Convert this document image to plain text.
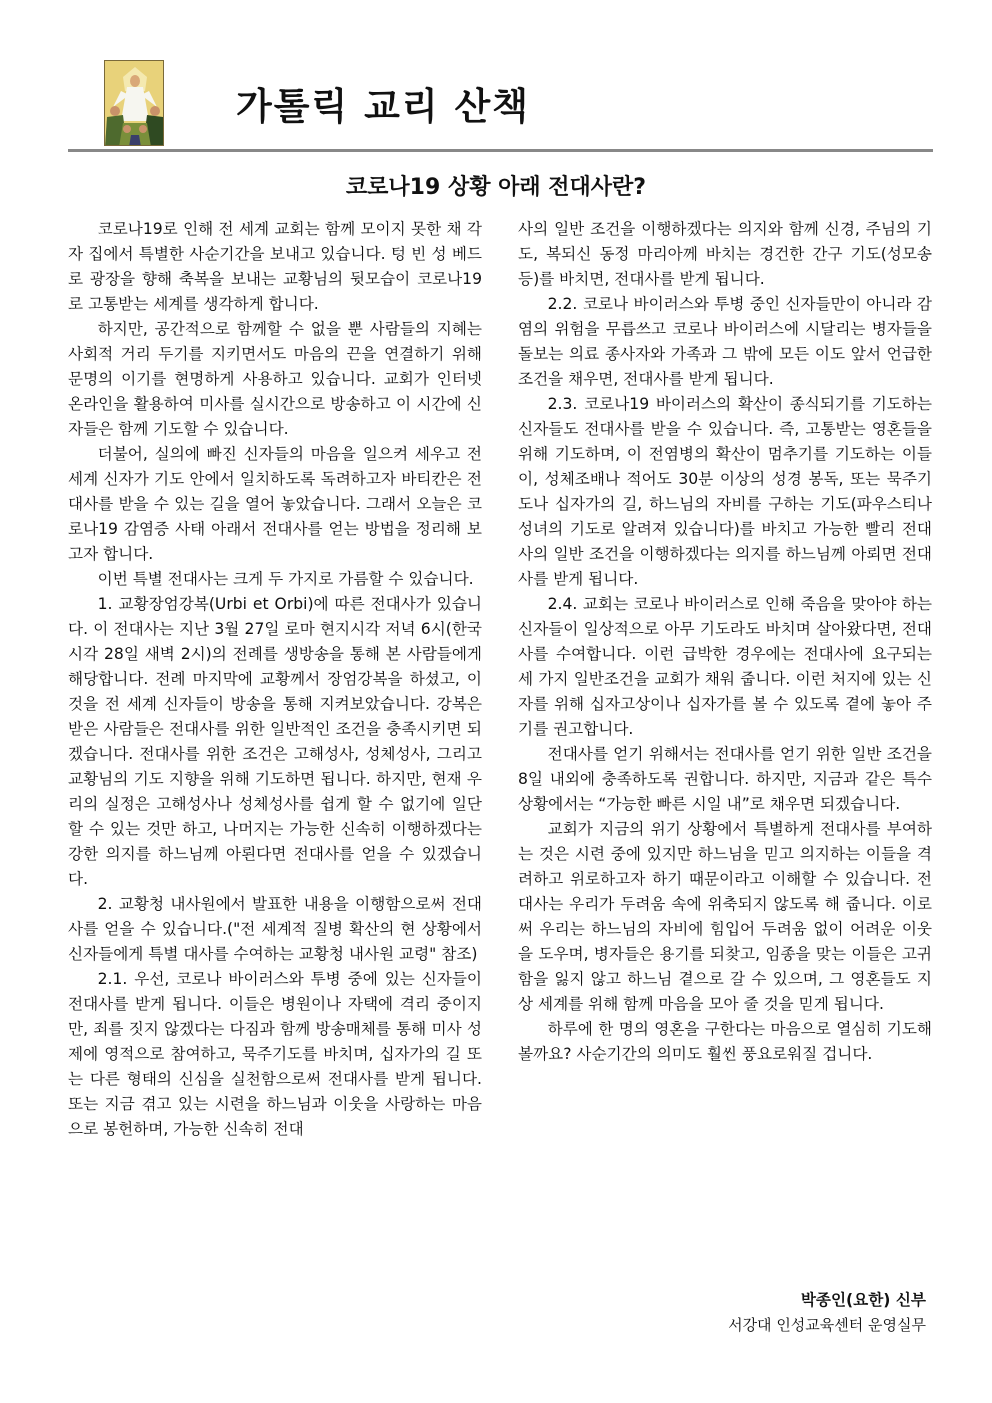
가톨릭 교리 산책
코로나19 상황 아래 전대사란?

코로나19로 인해 전 세계 교회는 함께 모이지 못한 채 각자 집에서 특별한 사순기간을 보내고 있습니다. 텅 빈 성 베드로 광장을 향해 축복을 보내는 교황님의 뒷모습이 코로나19로 고통받는 세계를 생각하게 합니다.

하지만, 공간적으로 함께할 수 없을 뿐 사람들의 지혜는 사회적 거리 두기를 지키면서도 마음의 끈을 연결하기 위해 문명의 이기를 현명하게 사용하고 있습니다. 교회가 인터넷 온라인을 활용하여 미사를 실시간으로 방송하고 이 시간에 신자들은 함께 기도할 수 있습니다.

더불어, 실의에 빠진 신자들의 마음을 일으켜 세우고 전 세계 신자가 기도 안에서 일치하도록 독려하고자 바티칸은 전대사를 받을 수 있는 길을 열어 놓았습니다. 그래서 오늘은 코로나19 감염증 사태 아래서 전대사를 얻는 방법을 정리해 보고자 합니다.

이번 특별 전대사는 크게 두 가지로 가름할 수 있습니다.

1. 교황장엄강복(Urbi et Orbi)에 따른 전대사가 있습니다. 이 전대사는 지난 3월 27일 로마 현지시각 저녁 6시(한국시각 28일 새벽 2시)의 전례를 생방송을 통해 본 사람들에게 해당합니다. 전례 마지막에 교황께서 장엄강복을 하셨고, 이것을 전 세계 신자들이 방송을 통해 지켜보았습니다. 강복은 받은 사람들은 전대사를 위한 일반적인 조건을 충족시키면 되겠습니다. 전대사를 위한 조건은 고해성사, 성체성사, 그리고 교황님의 기도 지향을 위해 기도하면 됩니다. 하지만, 현재 우리의 실정은 고해성사나 성체성사를 쉽게 할 수 없기에 일단 할 수 있는 것만 하고, 나머지는 가능한 신속히 이행하겠다는 강한 의지를 하느님께 아뢴다면 전대사를 얻을 수 있겠습니다.

2. 교황청 내사원에서 발표한 내용을 이행함으로써 전대사를 얻을 수 있습니다.("전 세계적 질병 확산의 현 상황에서 신자들에게 특별 대사를 수여하는 교황청 내사원 교령" 참조)

2.1. 우선, 코로나 바이러스와 투병 중에 있는 신자들이 전대사를 받게 됩니다. 이들은 병원이나 자택에 격리 중이지만, 죄를 짓지 않겠다는 다짐과 함께 방송매체를 통해 미사 성제에 영적으로 참여하고, 묵주기도를 바치며, 십자가의 길 또는 다른 형태의 신심을 실천함으로써 전대사를 받게 됩니다. 또는 지금 겪고 있는 시련을 하느님과 이웃을 사랑하는 마음으로 봉헌하며, 가능한 신속히 전대

사의 일반 조건을 이행하겠다는 의지와 함께 신경, 주님의 기도, 복되신 동정 마리아께 바치는 경건한 간구 기도(성모송 등)를 바치면, 전대사를 받게 됩니다.

2.2. 코로나 바이러스와 투병 중인 신자들만이 아니라 감염의 위험을 무릅쓰고 코로나 바이러스에 시달리는 병자들을 돌보는 의료 종사자와 가족과 그 밖에 모든 이도 앞서 언급한 조건을 채우면, 전대사를 받게 됩니다.

2.3. 코로나19 바이러스의 확산이 종식되기를 기도하는 신자들도 전대사를 받을 수 있습니다. 즉, 고통받는 영혼들을 위해 기도하며, 이 전염병의 확산이 멈추기를 기도하는 이들이, 성체조배나 적어도 30분 이상의 성경 봉독, 또는 묵주기도나 십자가의 길, 하느님의 자비를 구하는 기도(파우스티나 성녀의 기도로 알려져 있습니다)를 바치고 가능한 빨리 전대사의 일반 조건을 이행하겠다는 의지를 하느님께 아뢰면 전대사를 받게 됩니다.

2.4. 교회는 코로나 바이러스로 인해 죽음을 맞아야 하는 신자들이 일상적으로 아무 기도라도 바치며 살아왔다면, 전대사를 수여합니다. 이런 급박한 경우에는 전대사에 요구되는 세 가지 일반조건을 교회가 채워 줍니다. 이런 처지에 있는 신자를 위해 십자고상이나 십자가를 볼 수 있도록 곁에 놓아 주기를 권고합니다.

전대사를 얻기 위해서는 전대사를 얻기 위한 일반 조건을 8일 내외에 충족하도록 권합니다. 하지만, 지금과 같은 특수 상황에서는 “가능한 빠른 시일 내”로 채우면 되겠습니다.

교회가 지금의 위기 상황에서 특별하게 전대사를 부여하는 것은 시련 중에 있지만 하느님을 믿고 의지하는 이들을 격려하고 위로하고자 하기 때문이라고 이해할 수 있습니다. 전대사는 우리가 두려움 속에 위축되지 않도록 해 줍니다. 이로써 우리는 하느님의 자비에 힘입어 두려움 없이 어려운 이웃을 도우며, 병자들은 용기를 되찾고, 임종을 맞는 이들은 고귀함을 잃지 않고 하느님 곁으로 갈 수 있으며, 그 영혼들도 지상 세계를 위해 함께 마음을 모아 줄 것을 믿게 됩니다.

하루에 한 명의 영혼을 구한다는 마음으로 열심히 기도해 볼까요? 사순기간의 의미도 훨씬 풍요로워질 겁니다.

박종인(요한) 신부
서강대 인성교육센터 운영실무
